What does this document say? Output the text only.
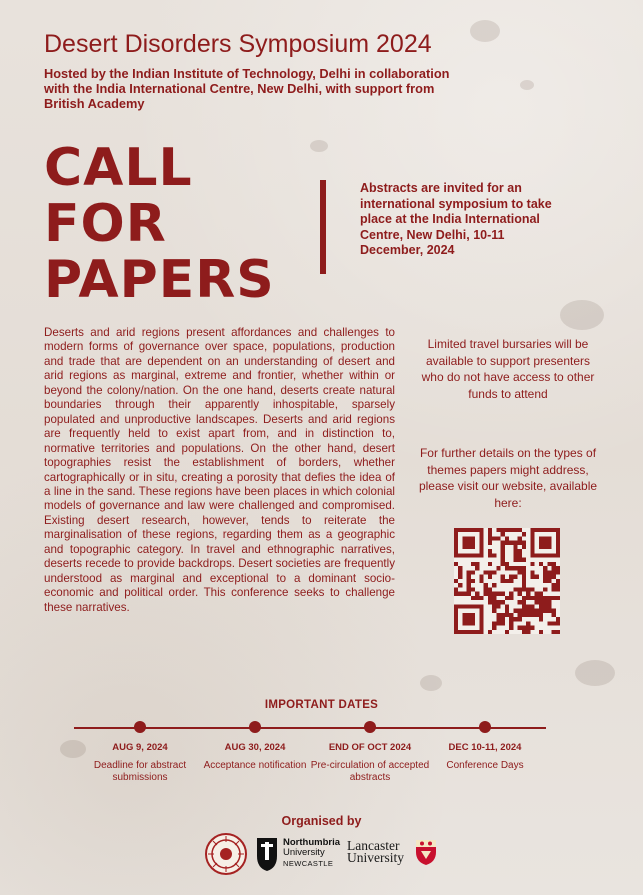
Desert Disorders Symposium 2024
Hosted by the Indian Institute of Technology, Delhi in collaboration with the India International Centre, New Delhi, with support from British Academy
CALL
FOR
PAPERS
Abstracts are invited for an international symposium to take place at the India International Centre, New Delhi, 10-11 December, 2024
Deserts and arid regions present affordances and challenges to modern forms of governance over space, populations, production and trade that are dependent on an understanding of desert and arid regions as marginal, extreme and frontier, whether within or beyond the colony/nation. On the one hand, deserts create natural boundaries through their apparently inhospitable, sparsely populated and unproductive landscapes. Deserts and arid regions are frequently held to exist apart from, and in distinction to, normative territories and populations. On the other hand, desert topographies resist the establishment of borders, whether cartographically or in situ, creating a porosity that defies the idea of a line in the sand. These regions have been places in which colonial models of governance and law were challenged and compromised. Existing desert research, however, tends to reiterate the marginalisation of these regions, regarding them as a geographic and topographic category. In travel and ethnographic narratives, deserts recede to provide backdrops. Desert societies are frequently understood as marginal and exceptional to a dominant socio-economic and political order. This conference seeks to challenge these narratives.
Limited travel bursaries will be available to support presenters who do not have access to other funds to attend
For further details on the types of themes papers might address, please visit our website, available here:
IMPORTANT DATES
AUG 9, 2024
Deadline for abstract submissions
AUG 30, 2024
Acceptance notification
END OF OCT 2024
Pre-circulation of accepted abstracts
DEC 10-11, 2024
Conference Days
Organised by
Northumbria
University
NEWCASTLE
Lancaster
University
